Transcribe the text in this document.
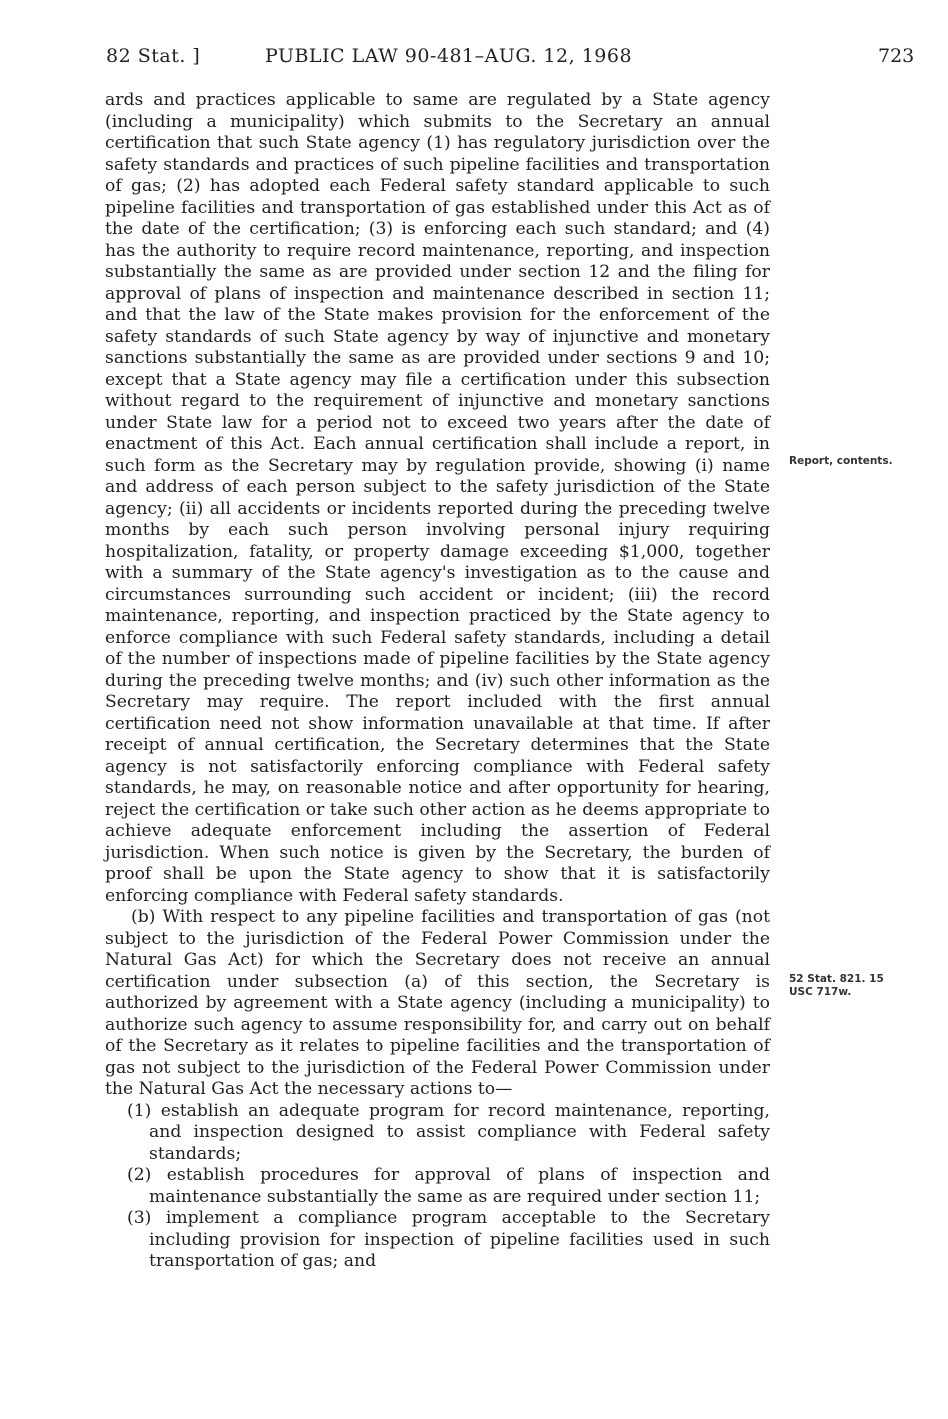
82 Stat. ]	PUBLIC LAW 90-481–AUG. 12, 1968	723

ards and practices applicable to same are regulated by a State agency (including a municipality) which submits to the Secretary an annual certification that such State agency (1) has regulatory jurisdiction over the safety standards and practices of such pipeline facilities and transportation of gas; (2) has adopted each Federal safety standard applicable to such pipeline facilities and transportation of gas established under this Act as of the date of the certification; (3) is enforcing each such standard; and (4) has the authority to require record maintenance, reporting, and inspection substantially the same as are provided under section 12 and the filing for approval of plans of inspection and maintenance described in section 11; and that the law of the State makes provision for the enforcement of the safety standards of such State agency by way of injunctive and monetary sanctions substantially the same as are provided under sections 9 and 10; except that a State agency may file a certification under this subsection without regard to the requirement of injunctive and monetary sanctions under State law for a period not to exceed two years after the date of enactment of this Act. Each annual certification shall include a report, in such form as the Secretary may by regulation provide, showing (i) name and address of each person subject to the safety jurisdiction of the State agency; (ii) all accidents or incidents reported during the preceding twelve months by each such person involving personal injury requiring hospitalization, fatality, or property damage exceeding $1,000, together with a summary of the State agency's investigation as to the cause and circumstances surrounding such accident or incident; (iii) the record maintenance, reporting, and inspection practiced by the State agency to enforce compliance with such Federal safety standards, including a detail of the number of inspections made of pipeline facilities by the State agency during the preceding twelve months; and (iv) such other information as the Secretary may require. The report included with the first annual certification need not show information unavailable at that time. If after receipt of annual certification, the Secretary determines that the State agency is not satisfactorily enforcing compliance with Federal safety standards, he may, on reasonable notice and after opportunity for hearing, reject the certification or take such other action as he deems appropriate to achieve adequate enforcement including the assertion of Federal jurisdiction. When such notice is given by the Secretary, the burden of proof shall be upon the State agency to show that it is satisfactorily enforcing compliance with Federal safety standards.

(b) With respect to any pipeline facilities and transportation of gas (not subject to the jurisdiction of the Federal Power Commission under the Natural Gas Act) for which the Secretary does not receive an annual certification under subsection (a) of this section, the Secretary is authorized by agreement with a State agency (including a municipality) to authorize such agency to assume responsibility for, and carry out on behalf of the Secretary as it relates to pipeline facilities and the transportation of gas not subject to the jurisdiction of the Federal Power Commission under the Natural Gas Act the necessary actions to—

(1) establish an adequate program for record maintenance, reporting, and inspection designed to assist compliance with Federal safety standards;

(2) establish procedures for approval of plans of inspection and maintenance substantially the same as are required under section 11;

(3) implement a compliance program acceptable to the Secretary including provision for inspection of pipeline facilities used in such transportation of gas; and

Report, contents.
52 Stat. 821. 15 USC 717w.
